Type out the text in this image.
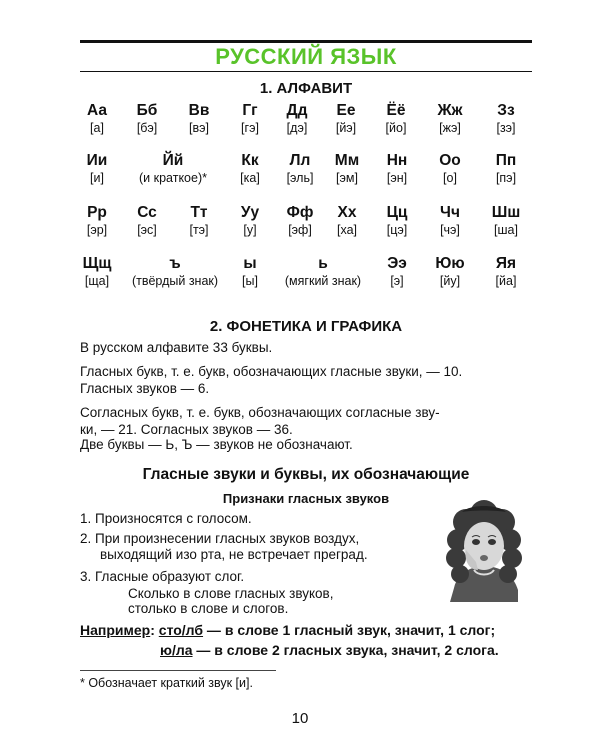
РУССКИЙ ЯЗЫК
1. АЛФАВИТ
Аа
[а]
Бб
[бэ]
Вв
[вэ]
Гг
[гэ]
Дд
[дэ]
Ее
[йэ]
Ёё
[йо]
Жж
[жэ]
Зз
[зэ]
Ии
[и]
Йй
(и краткое)*
Кк
[ка]
Лл
[эль]
Мм
[эм]
Нн
[эн]
Оо
[о]
Пп
[пэ]
Рр
[эр]
Сс
[эс]
Тт
[тэ]
Уу
[у]
Фф
[эф]
Хх
[ха]
Цц
[цэ]
Чч
[чэ]
Шш
[ша]
Щщ
[ща]
ъ
(твёрдый знак)
ы
[ы]
ь
(мягкий знак)
Ээ
[э]
Юю
[йу]
Яя
[йа]
2. ФОНЕТИКА И ГРАФИКА
В русском алфавите 33 буквы.
Гласных букв, т. е. букв, обозначающих гласные звуки, — 10.
Гласных звуков — 6.
Согласных букв, т. е. букв, обозначающих согласные зву-
ки, — 21. Согласных звуков — 36.
Две буквы — Ь, Ъ — звуков не обозначают.
Гласные звуки и буквы, их обозначающие
Признаки гласных звуков
1. Произносятся с голосом.
2. При произнесении гласных звуков воздух,
выходящий изо рта, не встречает преград.
3. Гласные образуют слог.
Сколько в слове гласных звуков,
столько в слове и слогов.
Например: сто/лб — в слове 1 гласный звук, значит, 1 слог;
ю/ла — в слове 2 гласных звука, значит, 2 слога.
* Обозначает краткий звук [и].
10
